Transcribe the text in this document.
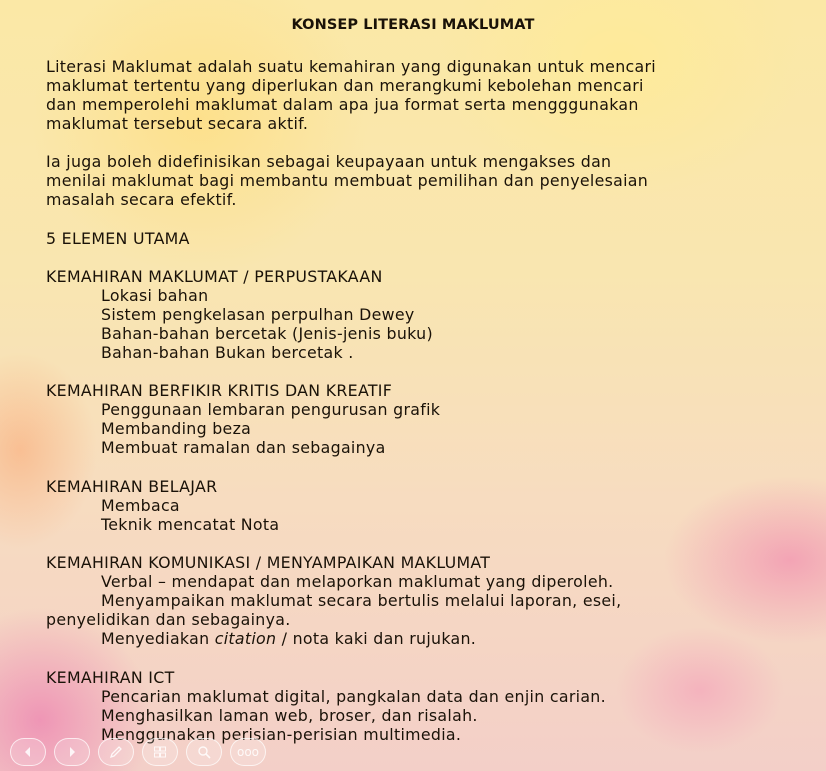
KONSEP LITERASI MAKLUMAT
Literasi Maklumat adalah suatu kemahiran yang digunakan untuk mencari
maklumat tertentu yang diperlukan dan merangkumi kebolehan mencari
dan memperolehi maklumat dalam apa jua format serta mengggunakan
maklumat tersebut secara aktif.
Ia juga boleh didefinisikan sebagai keupayaan untuk mengakses dan
menilai maklumat bagi membantu membuat pemilihan dan penyelesaian
masalah secara efektif.
5 ELEMEN UTAMA
KEMAHIRAN MAKLUMAT / PERPUSTAKAAN
Lokasi bahan
Sistem pengkelasan perpulhan Dewey
Bahan-bahan bercetak (Jenis-jenis buku)
Bahan-bahan Bukan bercetak .
KEMAHIRAN BERFIKIR KRITIS DAN KREATIF
Penggunaan lembaran pengurusan grafik
Membanding beza
Membuat ramalan dan sebagainya
KEMAHIRAN BELAJAR
Membaca
Teknik mencatat Nota
KEMAHIRAN KOMUNIKASI / MENYAMPAIKAN MAKLUMAT
Verbal – mendapat dan melaporkan maklumat yang diperoleh.
Menyampaikan maklumat secara bertulis melalui laporan, esei,
penyelidikan dan sebagainya.
Menyediakan citation / nota kaki dan rujukan.
KEMAHIRAN ICT
Pencarian maklumat digital, pangkalan data dan enjin carian.
Menghasilkan laman web, broser, dan risalah.
Menggunakan perisian-perisian multimedia.
ooo
